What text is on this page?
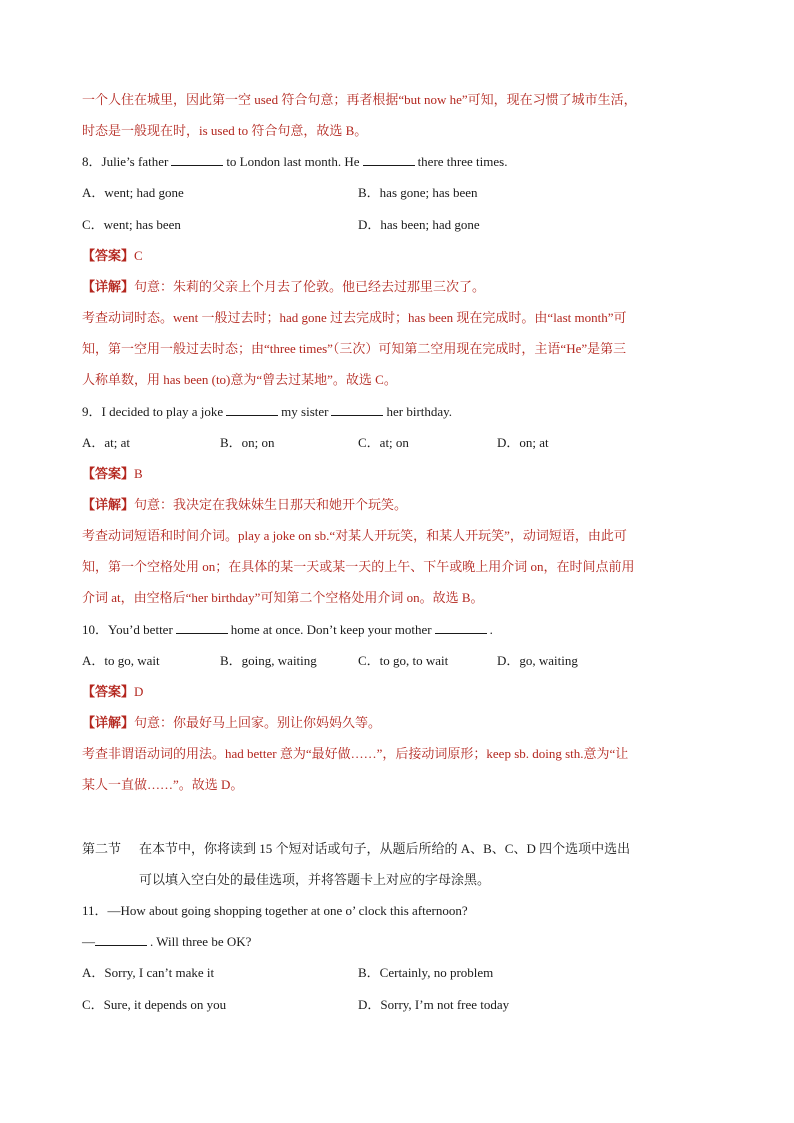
一个人住在城里，因此第一空 used 符合句意；再者根据“but now he”可知，现在习惯了城市生活，
时态是一般现在时，is used to 符合句意，故选 B。
8．Julie’s father	to London last month. He	there three times.
A．went; had gone	B．has gone; has been
C．went; has been	D．has been; had gone
【答案】C
【详解】句意：朱莉的父亲上个月去了伦敦。他已经去过那里三次了。
考查动词时态。went 一般过去时；had gone 过去完成时；has been 现在完成时。由“last month”可
知，第一空用一般过去时态；由“three times”（三次）可知第二空用现在完成时，主语“He”是第三
人称单数，用 has been (to)意为“曾去过某地”。故选 C。
9．I decided to play a joke	my sister	her birthday.
A．at; at	B．on; on	C．at; on	D．on; at
【答案】B
【详解】句意：我决定在我妹妹生日那天和她开个玩笑。
考查动词短语和时间介词。play a joke on sb.“对某人开玩笑，和某人开玩笑”，动词短语，由此可
知，第一个空格处用 on；在具体的某一天或某一天的上午、下午或晚上用介词 on，在时间点前用
介词 at，由空格后“her birthday”可知第二个空格处用介词 on。故选 B。
10．You’d better	home at once. Don’t keep your mother	.
A．to go, wait	B．going, waiting	C．to go, to wait	D．go, waiting
【答案】D
【详解】句意：你最好马上回家。别让你妈妈久等。
考查非谓语动词的用法。had better 意为“最好做……”，后接动词原形；keep sb. doing sth.意为“让
某人一直做……”。故选 D。
第二节 在本节中，你将读到 15 个短对话或句子，从题后所给的 A、B、C、D 四个选项中选出
可以填入空白处的最佳选项，并将答题卡上对应的字母涂黑。
11．—How about going shopping together at one o’ clock this afternoon?
—	. Will three be OK?
A．Sorry, I can’t make it	B．Certainly, no problem
C．Sure, it depends on you	D．Sorry, I’m not free today
